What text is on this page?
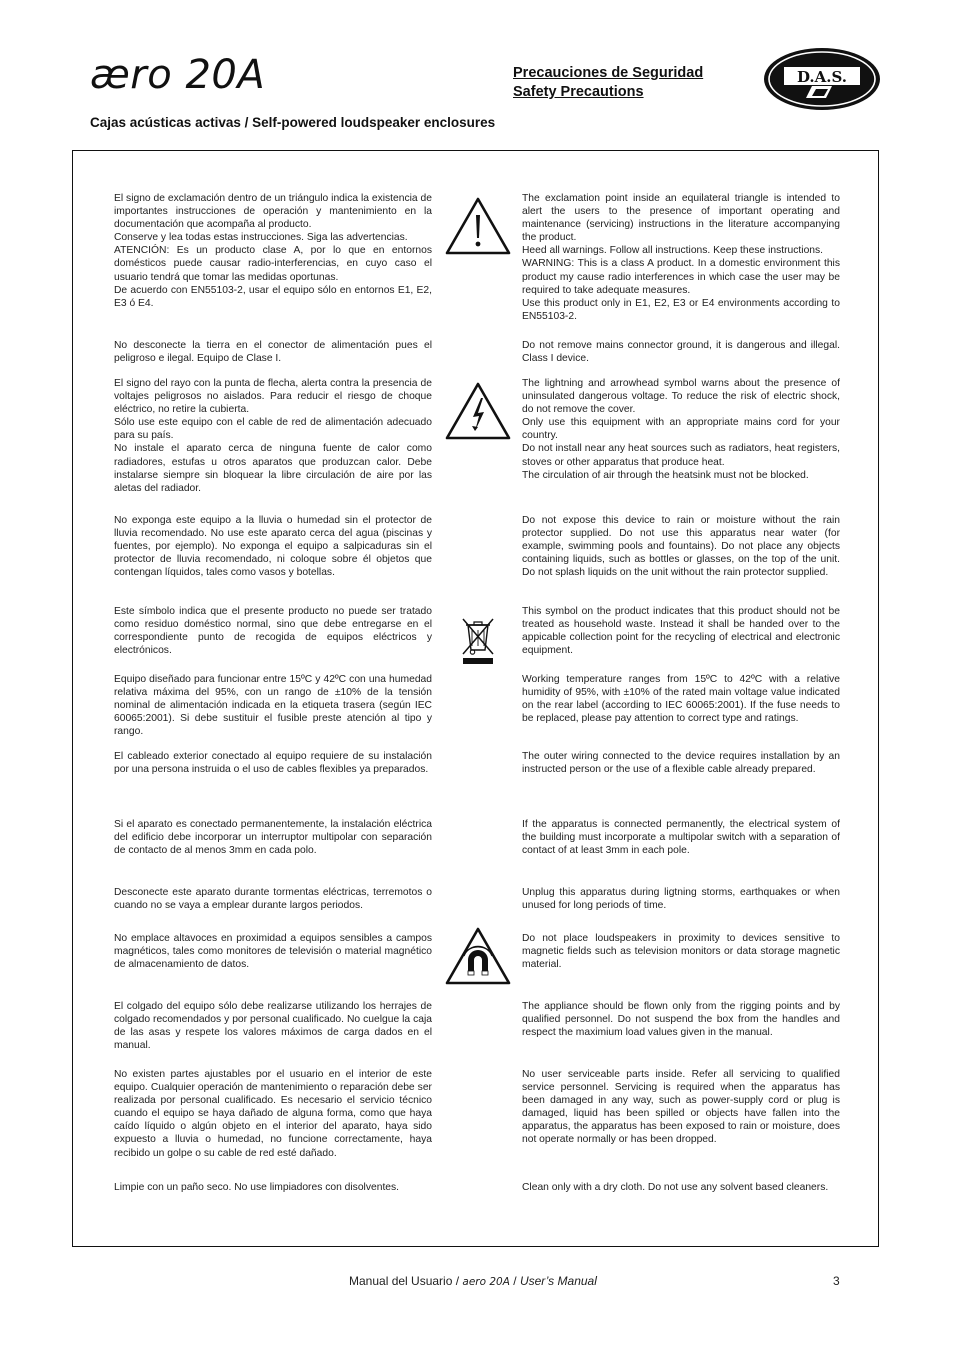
ærо 20A	Precauciones de Seguridad
Safety Precautions
D.A.S.
Cajas acústicas activas / Self-powered loudspeaker enclosures
El signo de exclamación dentro de un triángulo indica la existencia de importantes instrucciones de operación y mantenimiento en la documentación que acompaña al producto.
Conserve y lea todas estas instrucciones. Siga las advertencias.
ATENCIÓN: Es un producto clase A, por lo que en entornos domésticos puede causar radio-interferencias, en cuyo caso el usuario tendrá que tomar las medidas oportunas.
De acuerdo con EN55103-2, usar el equipo sólo en entornos E1, E2, E3 ó E4.
No desconecte la tierra en el conector de alimentación pues el peligroso e ilegal. Equipo de Clase I.
El signo del rayo con la punta de flecha, alerta contra la presencia de voltajes peligrosos no aislados. Para reducir el riesgo de choque eléctrico, no retire la cubierta.
Sólo use este equipo con el cable de red de alimentación adecuado para su país.
No instale el aparato cerca de ninguna fuente de calor como radiadores, estufas u otros aparatos que produzcan calor. Debe instalarse siempre sin bloquear la libre circulación de aire por las aletas del radiador.
No exponga este equipo a la lluvia o humedad sin el protector de lluvia recomendado. No use este aparato cerca del agua (piscinas y fuentes, por ejemplo). No exponga el equipo a salpicaduras sin el protector de lluvia recomendado, ni coloque sobre él objetos que contengan líquidos, tales como vasos y botellas.
Este símbolo indica que el presente producto no puede ser tratado como residuo doméstico normal, sino que debe entregarse en el correspondiente punto de recogida de equipos eléctricos y electrónicos.
Equipo diseñado para funcionar entre 15ºC y 42ºC con una humedad relativa máxima del 95%, con un rango de ±10% de la tensión nominal de alimentación indicada en la etiqueta trasera (según IEC 60065:2001). Si debe sustituir el fusible preste atención al tipo y rango.
El cableado exterior conectado al equipo requiere de su instalación por una persona instruida o el uso de cables flexibles ya preparados.
Si el aparato es conectado permanentemente, la instalación eléctrica del edificio debe incorporar un interruptor multipolar con separación de contacto de al menos 3mm en cada polo.
Desconecte este aparato durante tormentas eléctricas, terremotos o cuando no se vaya a emplear durante largos periodos.
No emplace altavoces en proximidad a equipos sensibles a campos magnéticos, tales como monitores de televisión o material magnético de almacenamiento de datos.
El colgado del equipo sólo debe realizarse utilizando los herrajes de colgado recomendados y por personal cualificado. No cuelgue la caja de las asas y respete los valores máximos de carga dados en el manual.
No existen partes ajustables por el usuario en el interior de este equipo. Cualquier operación de mantenimiento o reparación debe ser realizada por personal cualificado. Es necesario el servicio técnico cuando el equipo se haya dañado de alguna forma, como que haya caído líquido o algún objeto en el interior del aparato, haya sido expuesto a lluvia o humedad, no funcione correctamente, haya recibido un golpe o su cable de red esté dañado.
Limpie con un paño seco. No use limpiadores con disolventes.
The exclamation point inside an equilateral triangle is intended to alert the users to the presence of important operating and maintenance (servicing) instructions in the literature accompanying the product.
Heed all warnings. Follow all instructions. Keep these instructions.
WARNING: This is a class A product. In a domestic environment this product my cause radio interferences in which case the user may be required to take adequate measures.
Use this product only in E1, E2, E3 or E4 environments according to EN55103-2.
Do not remove mains connector ground, it is dangerous and illegal. Class I device.
The lightning and arrowhead symbol warns about the presence of uninsulated dangerous voltage. To reduce the risk of electric shock, do not remove the cover.
Only use this equipment with an appropriate mains cord for your country.
Do not install near any heat sources such as radiators, heat registers, stoves or other apparatus that produce heat.
The circulation of air through the heatsink must not be blocked.
Do not expose this device to rain or moisture without the rain protector supplied. Do not use this apparatus near water (for example, swimming pools and fountains). Do not place any objects containing liquids, such as bottles or glasses, on the top of the unit. Do not splash liquids on the unit without the rain protector supplied.
This symbol on the product indicates that this product should not be treated as household waste. Instead it shall be handed over to the appicable collection point for the recycling of electrical and electronic equipment.
Working temperature ranges from 15ºC to 42ºC with a relative humidity of 95%, with ±10% of the rated main voltage value indicated on the rear label (according to IEC 60065:2001). If the fuse needs to be replaced, please pay attention to correct type and ratings.
The outer wiring connected to the device requires installation by an instructed person or the use of a flexible cable already prepared.
If the apparatus is connected permanently, the electrical system of the building must incorporate a multipolar switch with a separation of contact of at least 3mm in each pole.
Unplug this apparatus during ligtning storms, earthquakes or when unused for long periods of time.
Do not place loudspeakers in proximity to devices sensitive to magnetic fields such as television monitors or data storage magnetic material.
The appliance should be flown only from the rigging points and by qualified personnel. Do not suspend the box from the handles and respect the maximium load values given in the manual.
No user serviceable parts inside. Refer all servicing to qualified service personnel. Servicing is required when the apparatus has been damaged in any way, such as power-supply cord or plug is damaged, liquid has been spilled or objects have fallen into the apparatus, the apparatus has been exposed to rain or moisture, does not operate normally or has been dropped.
Clean only with a dry cloth. Do not use any solvent based cleaners.
Manual del Usuario / aero 20A / User’s Manual	3
